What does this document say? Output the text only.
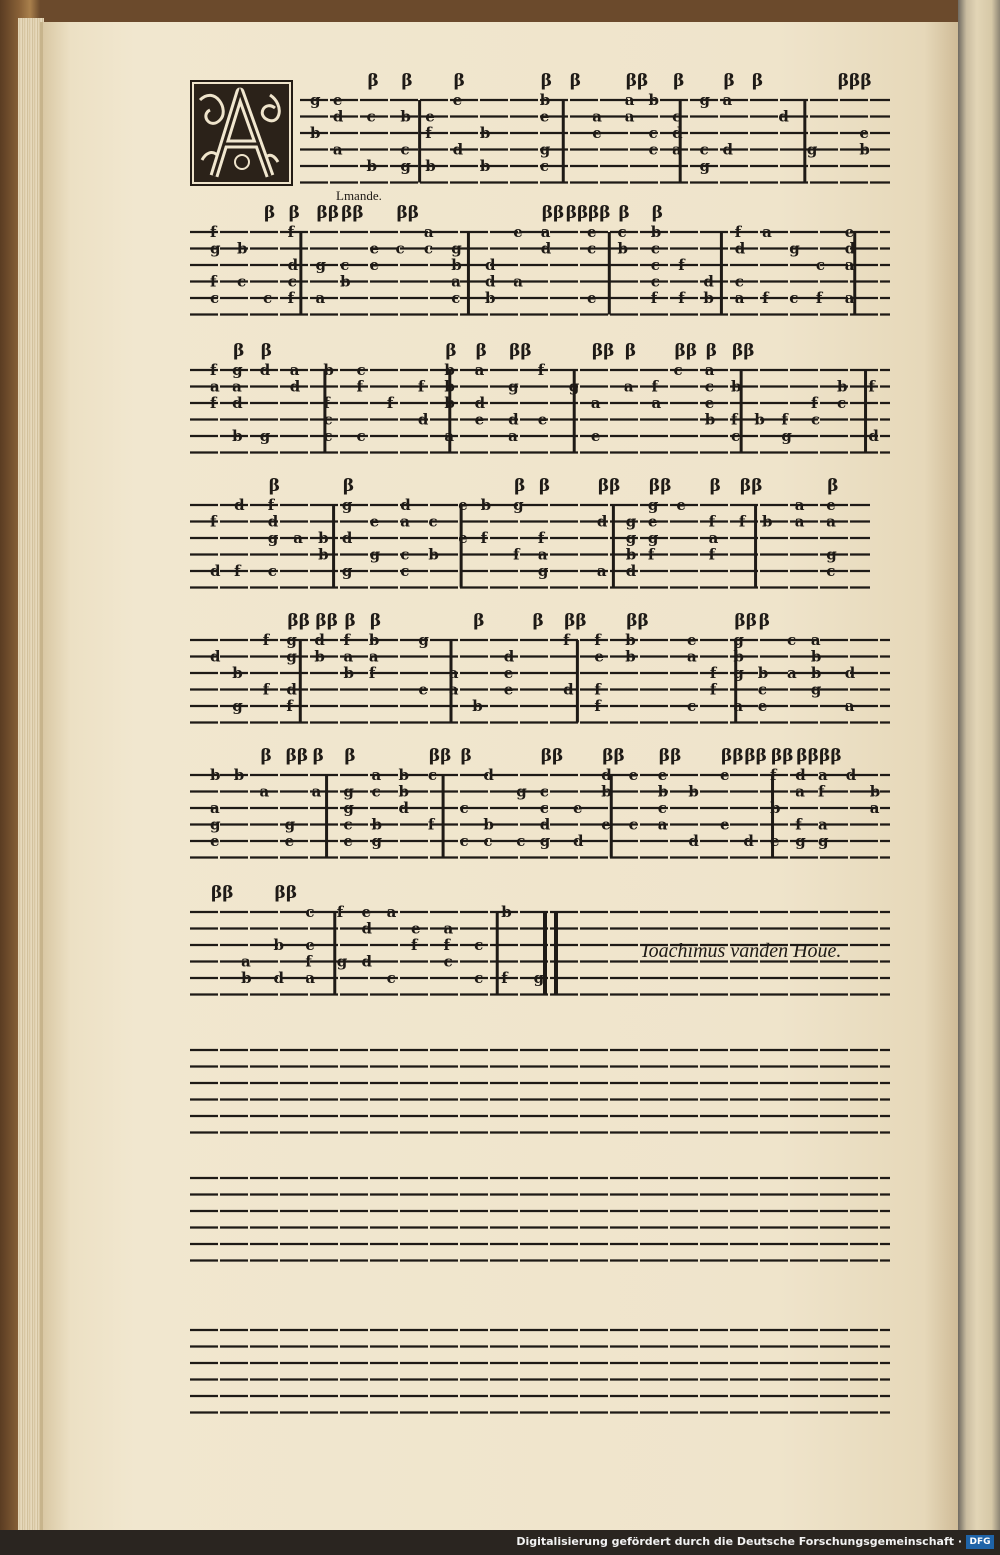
g
b
e
d
a
β
c
b
β
b
c
g
e
f
b
β
e
d
b
b
β
b
e
g
c
β
a
e
ββ
a
a
b
c
c
β
c
d
a
g
c
g
β
a
d
β
d
g
ββ β
e
b
f
g
f
c
b
c
β
c
β
f
d
c
f
ββ
g
a
ββ
c
b
e
e
ββ
c
a
c g
b
a
c
d
d
b
e
a
ββ
a
d
ββ ββ
e
c
e
β
c
b
β
b
c
c
c
f
f
f
d
b
f
d
c
a
a
f
g
c
c
f
e
d
a
a
f
a
f
β
g
a
d
b
β
d
g
a
d
b
f
c
c
c
f
c
f
f
d
β
b
b
b
a
β
a
d
e
ββ
g
d
a
f
e
g
ββ
a
e
β
a f
a
ββ
c
β
a
c
e
b
ββ
b
f
c
b f
g
f
c
b
c
f
d
f
d
d
f
β
f
d
g
c
a b
b
β
g
d
g
e
g
d
a
c
c
c
b
e
e
b
f
β
g
f
β
f
a
g
ββ
d
a
g
g
b
d
ββ
g
e
g
f
e
β
f
a
f
ββ
f b
a
a
β
e
a
g
c
d
b
g
f
f
ββ
g
g
d
f
ββ
d
b
β
f
a
b
β
b
a
f
g
e
a
a
β
b
d
e
e
β ββ
f
d
f
e
f
f
ββ
b
b
e
a
c
f
f
ββ
g
b
g
a
β
b
c
e
c
a
a
b
b
g
d
a
b
a
g
e
b
β
a
ββ
g
e
β
a
β
g
g
c
e
a
c
b
g
b
b
d
ββ
c
f
β
c
c
d
b
c
g
c
ββ
c
c
d
g
e
d
ββ
d
b
e
e
c
ββ
e
b
c
a
b
d
ββ
e
e
ββ
d
ββ
f
b
e
ββ
d
a
f
g
ββ
a
f
a
g
d
b
a
ββ
a
b
ββ
b
d
c
e
f
a
f
g
e
d
d
a
c
e
f
a
f
c
c
c
b
f g
Lmande.
Ioachimus vanden Houe.
Digitalisierung gefördert durch die Deutsche Forschungsgemeinschaft · DFG
